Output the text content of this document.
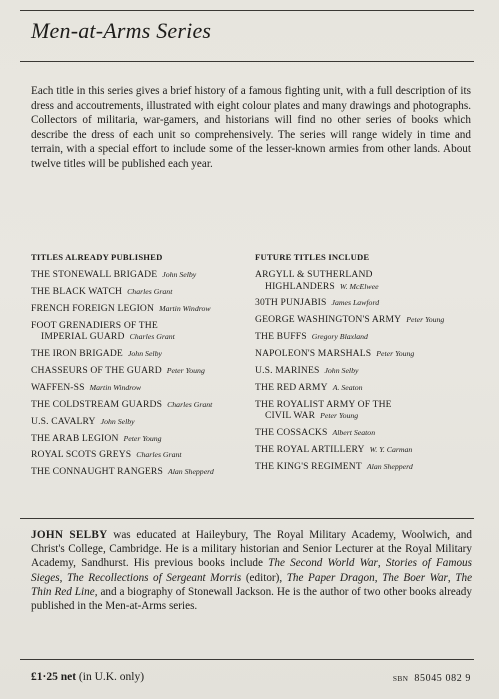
Men-at-Arms Series

Each title in this series gives a brief history of a famous fighting unit, with a full description of its dress and accoutrements, illustrated with eight colour plates and many drawings and photographs. Collectors of militaria, war-gamers, and historians will find no other series of books which describe the dress of each unit so comprehensively. The series will range widely in time and terrain, with a special effort to include some of the lesser-known armies from other lands. About twelve titles will be published each year.

TITLES ALREADY PUBLISHED
THE STONEWALL BRIGADE John Selby
THE BLACK WATCH Charles Grant
FRENCH FOREIGN LEGION Martin Windrow
FOOT GRENADIERS OF THE
IMPERIAL GUARD Charles Grant
THE IRON BRIGADE John Selby
CHASSEURS OF THE GUARD Peter Young
WAFFEN-SS Martin Windrow
THE COLDSTREAM GUARDS Charles Grant
U.S. CAVALRY John Selby
THE ARAB LEGION Peter Young
ROYAL SCOTS GREYS Charles Grant
THE CONNAUGHT RANGERS Alan Shepperd
FUTURE TITLES INCLUDE
ARGYLL & SUTHERLAND
HIGHLANDERS W. McElwee
30TH PUNJABIS James Lawford
GEORGE WASHINGTON'S ARMY Peter Young
THE BUFFS Gregory Blaxland
NAPOLEON'S MARSHALS Peter Young
U.S. MARINES John Selby
THE RED ARMY A. Seaton
THE ROYALIST ARMY OF THE
CIVIL WAR Peter Young
THE COSSACKS Albert Seaton
THE ROYAL ARTILLERY W. Y. Carman
THE KING'S REGIMENT Alan Shepperd

JOHN SELBY was educated at Haileybury, The Royal Military Academy, Woolwich, and Christ's College, Cambridge. He is a military historian and Senior Lecturer at the Royal Military Academy, Sandhurst. His previous books include The Second World War, Stories of Famous Sieges, The Recollections of Sergeant Morris (editor), The Paper Dragon, The Boer War, The Thin Red Line, and a biography of Stonewall Jackson. He is the author of two other books already published in the Men-at-Arms series.

£1·25 net (in U.K. only)	SBN 85045 082 9
